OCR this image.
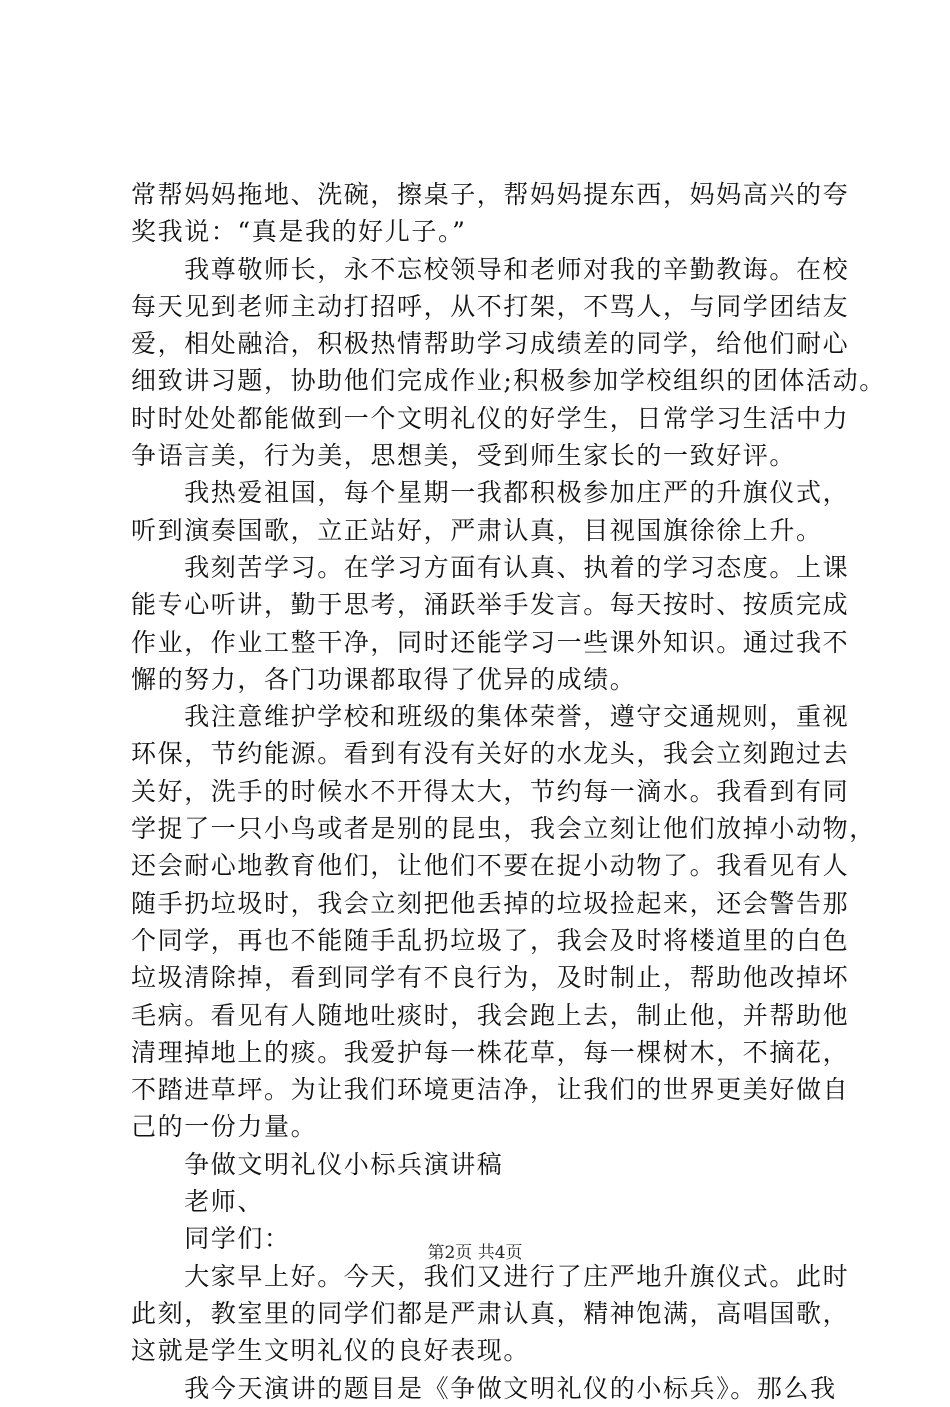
常帮妈妈拖地、洗碗，擦桌子，帮妈妈提东西，妈妈高兴的夸
奖我说：“真是我的好儿子。”
　　我尊敬师长，永不忘校领导和老师对我的辛勤教诲。在校
每天见到老师主动打招呼，从不打架，不骂人，与同学团结友
爱，相处融洽，积极热情帮助学习成绩差的同学，给他们耐心
细致讲习题，协助他们完成作业;积极参加学校组织的团体活动。
时时处处都能做到一个文明礼仪的好学生，日常学习生活中力
争语言美，行为美，思想美，受到师生家长的一致好评。
　　我热爱祖国，每个星期一我都积极参加庄严的升旗仪式，
听到演奏国歌，立正站好，严肃认真，目视国旗徐徐上升。
　　我刻苦学习。在学习方面有认真、执着的学习态度。上课
能专心听讲，勤于思考，涌跃举手发言。每天按时、按质完成
作业，作业工整干净，同时还能学习一些课外知识。通过我不
懈的努力，各门功课都取得了优异的成绩。
　　我注意维护学校和班级的集体荣誉，遵守交通规则，重视
环保，节约能源。看到有没有关好的水龙头，我会立刻跑过去
关好，洗手的时候水不开得太大，节约每一滴水。我看到有同
学捉了一只小鸟或者是别的昆虫，我会立刻让他们放掉小动物，
还会耐心地教育他们，让他们不要在捉小动物了。我看见有人
随手扔垃圾时，我会立刻把他丢掉的垃圾捡起来，还会警告那
个同学，再也不能随手乱扔垃圾了，我会及时将楼道里的白色
垃圾清除掉，看到同学有不良行为，及时制止，帮助他改掉坏
毛病。看见有人随地吐痰时，我会跑上去，制止他，并帮助他
清理掉地上的痰。我爱护每一株花草，每一棵树木，不摘花，
不踏进草坪。为让我们环境更洁净，让我们的世界更美好做自
己的一份力量。
　　争做文明礼仪小标兵演讲稿
　　老师、
　　同学们：
　　大家早上好。今天，我们又进行了庄严地升旗仪式。此时
此刻，教室里的同学们都是严肃认真，精神饱满，高唱国歌，
这就是学生文明礼仪的良好表现。
　　我今天演讲的题目是《争做文明礼仪的小标兵》。那么我
第2页 共4页
